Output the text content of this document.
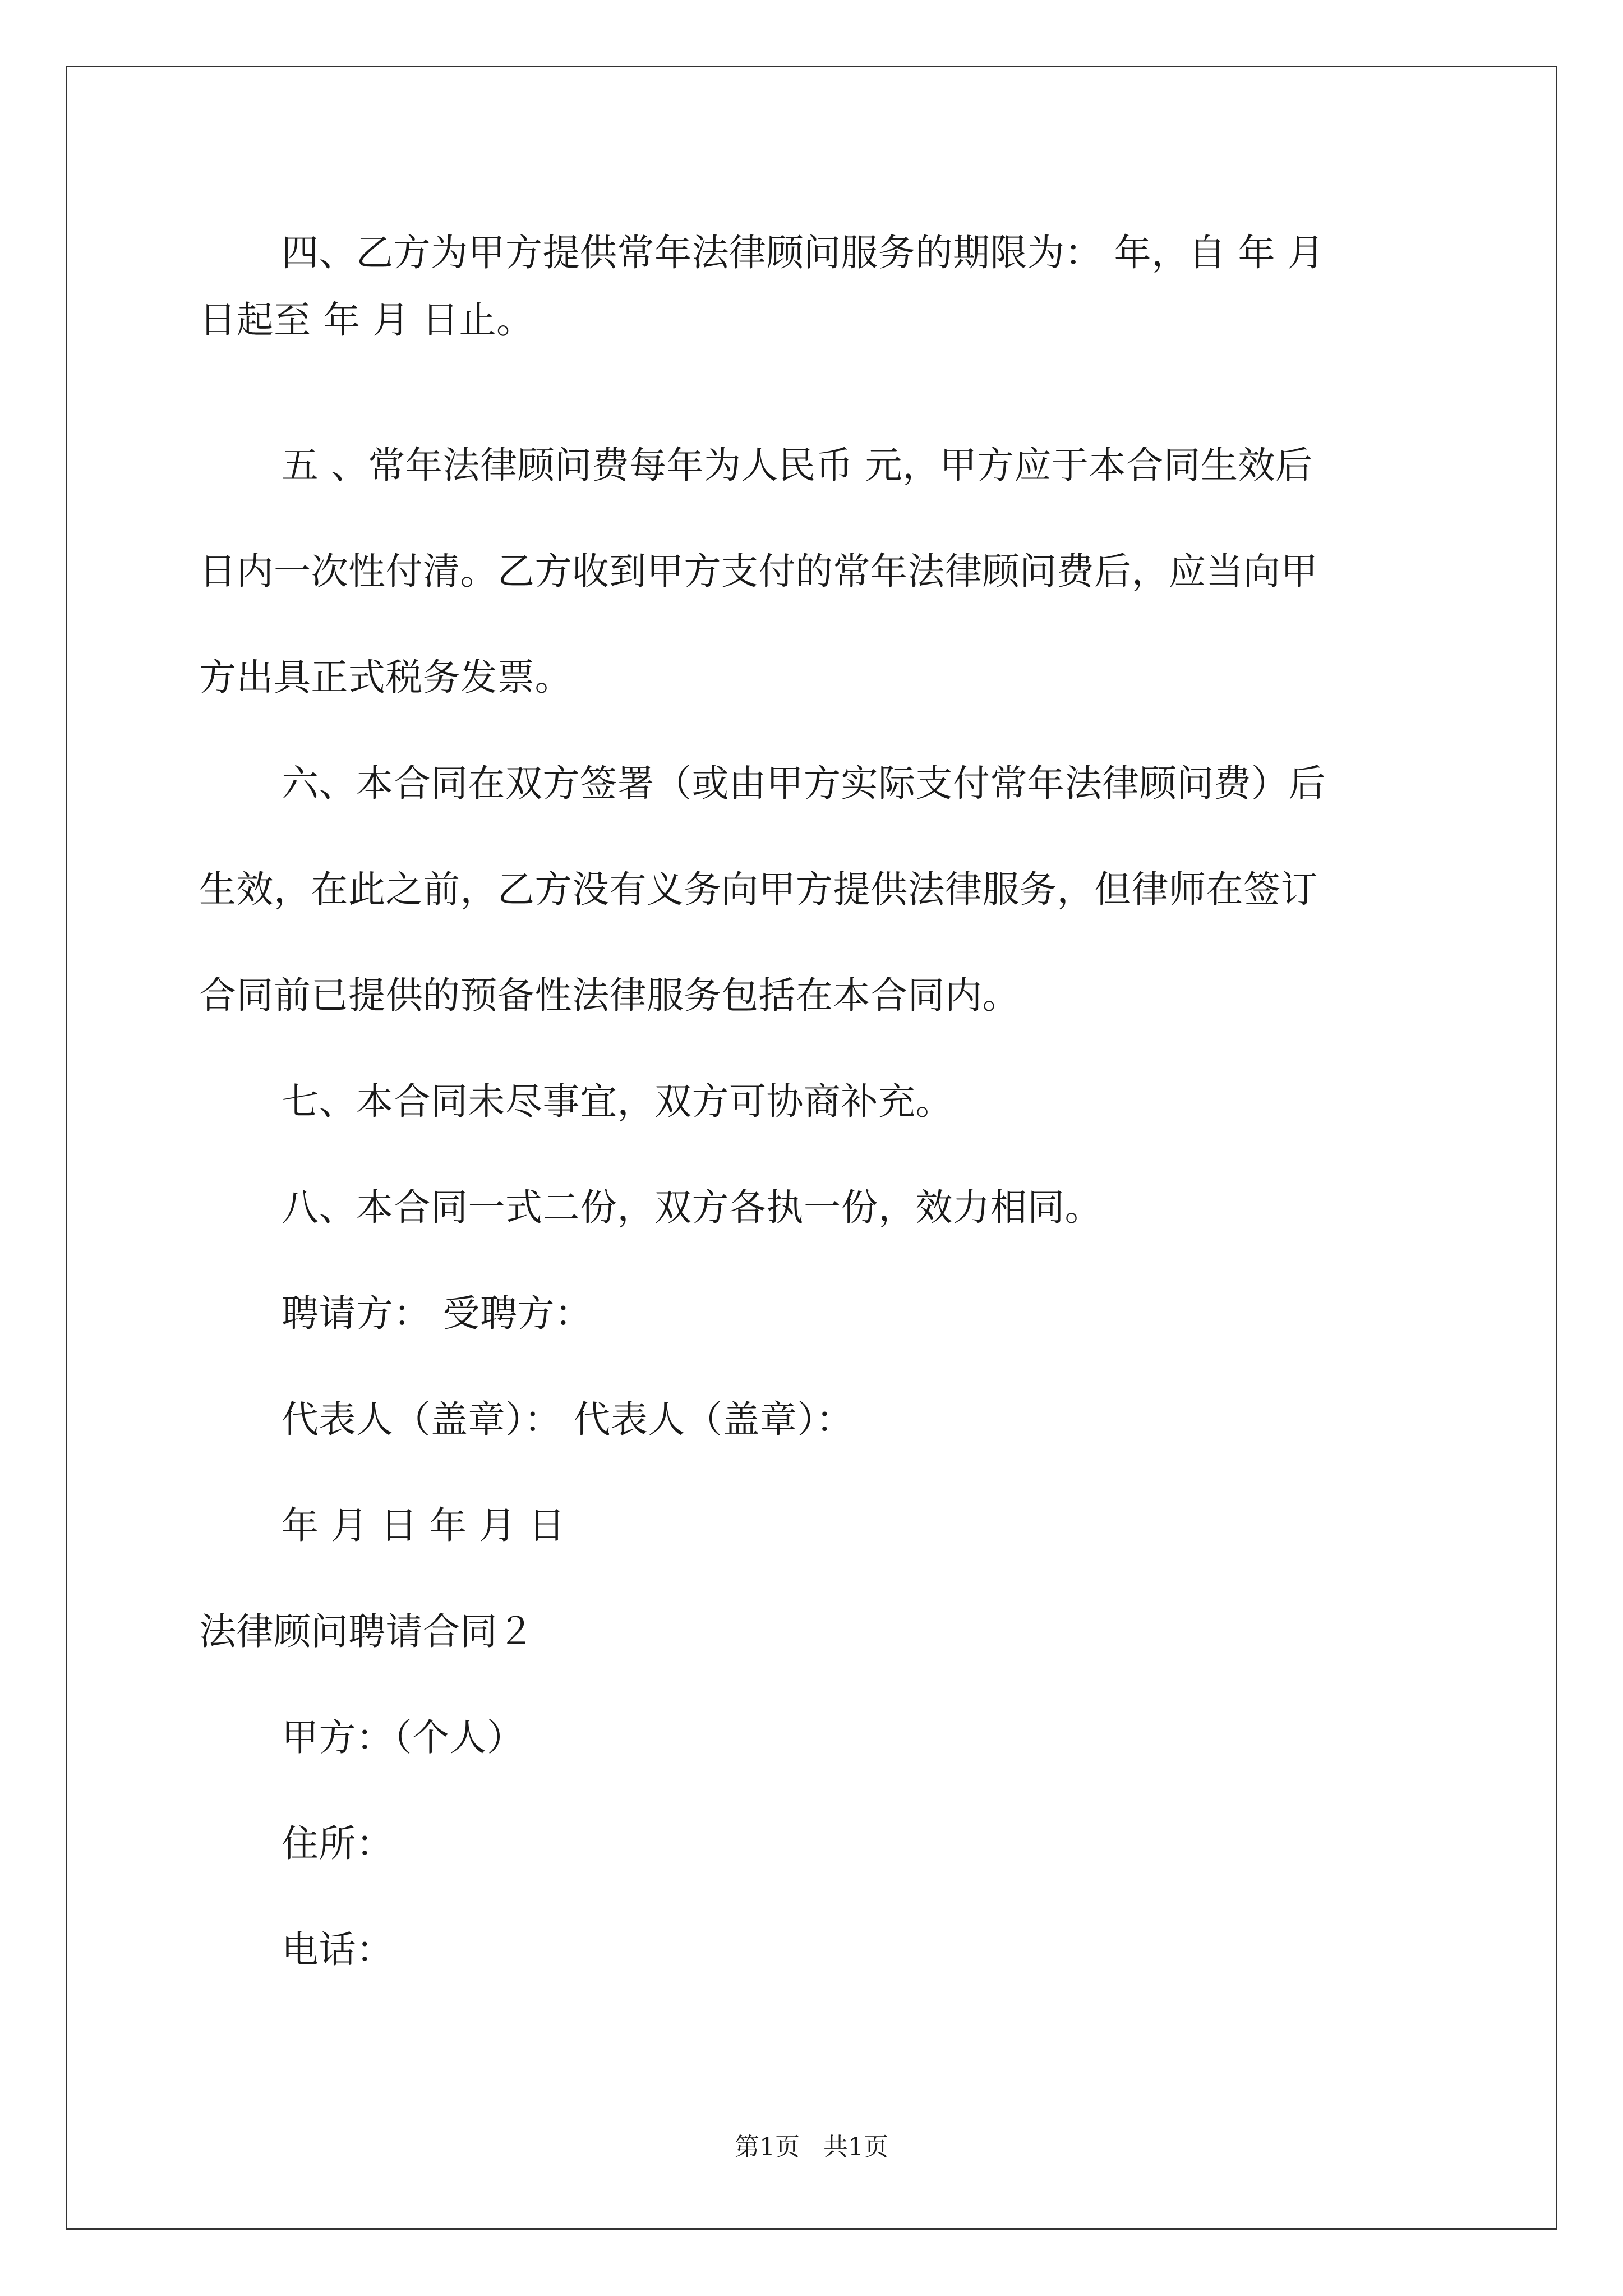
四、乙方为甲方提供常年法律顾问服务的期限为： 年，自 年 月
日起至 年 月 日止。
五 、常年法律顾问费每年为人民币 元，甲方应于本合同生效后
日内一次性付清。乙方收到甲方支付的常年法律顾问费后，应当向甲
方出具正式税务发票。
六、本合同在双方签署（或由甲方实际支付常年法律顾问费）后
生效，在此之前，乙方没有义务向甲方提供法律服务，但律师在签订
合同前已提供的预备性法律服务包括在本合同内。
七、本合同未尽事宜，双方可协商补充。
八、本合同一式二份，双方各执一份，效力相同。
聘请方： 受聘方：
代表人（盖章）： 代表人（盖章）：
年 月 日 年 月 日
法律顾问聘请合同２
甲方：（个人）
住所：
电话：
第1页   共1页
